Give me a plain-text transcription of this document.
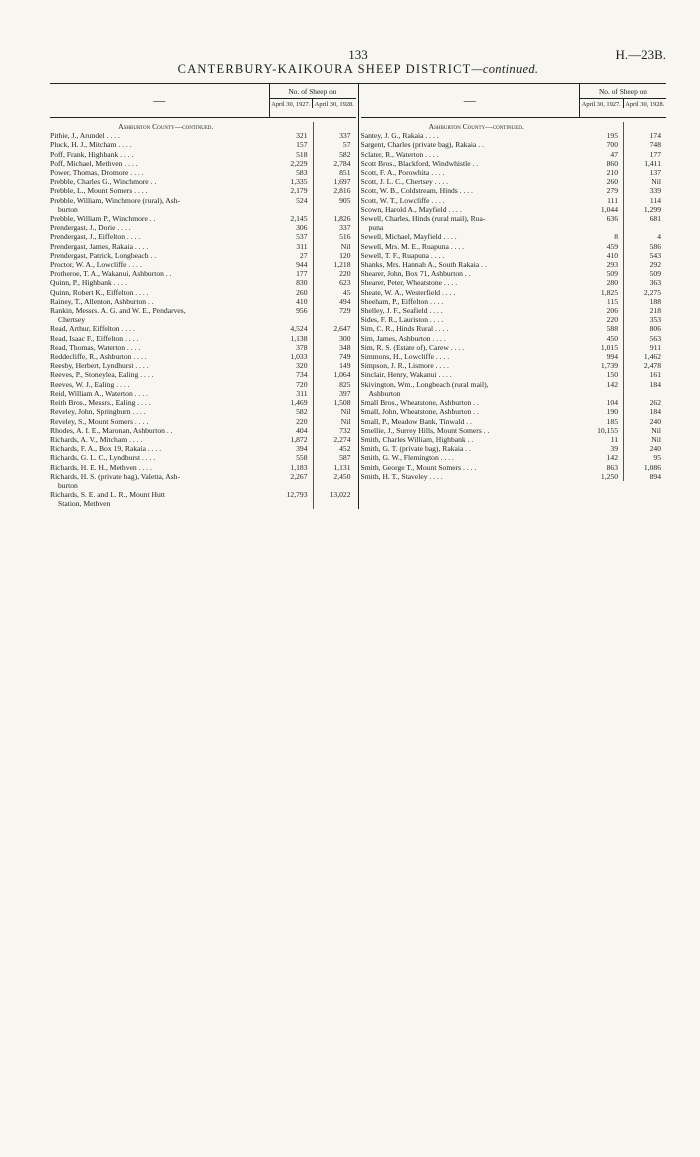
133	H.—23B.
CANTERBURY-KAIKOURA SHEEP DISTRICT—continued.
—
No. of Sheep on
April 30, 1927. April 30, 1928.
Ashburton County—continued.
Pithie, J., Arundel . . . .	321	337
Pluck, H. J., Mitcham . . . .	157	57
Poff, Frank, Highbank . . . .	518	582
Poff, Michael, Methven . . . .	2,229	2,784
Power, Thomas, Dromore . . . .	583	851
Prebble, Charles G., Winchmore . .	1,335	1,697
Prebble, L., Mount Somers . . . .	2,179	2,816
Prebble, William, Winchmore (rural), Ash-	524	905
burton
Prebble, William P., Winchmore . .	2,145	1,826
Prendergast, J., Dorie . . . .	306	337
Prendergast, J., Eiffelton . . . .	537	516
Prendergast, James, Rakaia . . . .	311	Nil
Prendergast, Patrick, Longbeach . .	27	120
Proctor, W. A., Lowcliffe . . . .	944	1,218
Protheroe, T. A., Wakanui, Ashburton . .	177	220
Quinn, P., Highbank . . . .	830	623
Quinn, Robert K., Eiffelton . . . .	260	45
Rainey, T., Allenton, Ashburton . .	410	494
Rankin, Messrs. A. G. and W. E., Pendarves,	956	729
Chertsey
Read, Arthur, Eiffelton . . . .	4,524	2,647
Read, Isaac F., Eiffelton . . . .	1,138	300
Read, Thomas, Waterton . . . .	378	348
Reddecliffe, R., Ashburton . . . .	1,033	749
Reesby, Herbert, Lyndhurst . . . .	320	149
Reeves, P., Stoneylea, Ealing . . . .	734	1,064
Reeves, W. J., Ealing . . . .	720	825
Reid, William A., Waterton . . . .	311	397
Reith Bros., Messrs., Ealing . . . .	1,469	1,508
Reveley, John, Springburn . . . .	582	Nil
Reveley, S., Mount Somers . . . .	220	Nil
Rhodes, A. I. E., Maronan, Ashburton . .	404	732
Richards, A. V., Mitcham . . . .	1,872	2,274
Richards, F. A., Box 19, Rakaia . . . .	394	452
Richards, G. L. C., Lyndhurst . . . .	558	587
Richards, H. E. H., Methven . . . .	1,183	1,131
Richards, H. S. (private bag), Valetta, Ash-	2,267	2,450
burton
Richards, S. E. and L. R., Mount Hutt	12,793	13,022
Station, Methven
—
No. of Sheep on
April 30, 1927. April 30, 1928.
Ashburton County—continued.
Santey, J. G., Rakaia . . . .	195	174
Sargent, Charles (private bag), Rakaia . .	700	748
Sclater, R., Waterton . . . .	47	177
Scott Bros., Blackford, Windwhistle . .	860	1,411
Scott, F. A., Porowhita . . . .	210	137
Scott, J. L. C., Chertsey . . . .	260	Nil
Scott, W. B., Coldstream, Hinds . . . .	279	339
Scott, W. T., Lowcliffe . . . .	111	114
Scown, Harold A., Mayfield . . . .	1,044	1,299
Sewell, Charles, Hinds (rural mail), Rua-	636	681
puna
Sewell, Michael, Mayfield . . . .	8	4
Sewell, Mrs. M. E., Ruapuna . . . .	459	586
Sewell, T. F., Ruapuna . . . .	410	543
Shanks, Mrs. Hannah A., South Rakaia . .	293	292
Shearer, John, Box 71, Ashburton . .	509	509
Shearer, Peter, Wheatstone . . . .	280	363
Sheate, W. A., Westerfield . . . .	1,825	2,275
Sheeham, P., Eiffelton . . . .	115	188
Shelley, J. F., Seafield . . . .	206	218
Sides, F. R., Lauriston . . . .	220	353
Sim, C. R., Hinds Rural . . . .	588	806
Sim, James, Ashburton . . . .	450	563
Sim, R. S. (Estate of), Carew . . . .	1,015	911
Simmons, H., Lowcliffe . . . .	994	1,462
Simpson, J. R., Lismore . . . .	1,739	2,478
Sinclair, Henry, Wakanui . . . .	150	161
Skivington, Wm., Longbeach (rural mail),	142	184
Ashburton
Small Bros., Wheatstone, Ashburton . .	104	262
Small, John, Wheatstone, Ashburton . .	190	184
Small, P., Meadow Bank, Tinwald . .	185	240
Smellie, J., Surrey Hills, Mount Somers . .	10,155	Nil
Smith, Charles William, Highbank . .	11	Nil
Smith, G. T. (private bag), Rakaia . .	39	240
Smith, G. W., Flemington . . . .	142	95
Smith, George T., Mount Somers . . . .	863	1,086
Smith, H. T., Staveley . . . .	1,250	894
